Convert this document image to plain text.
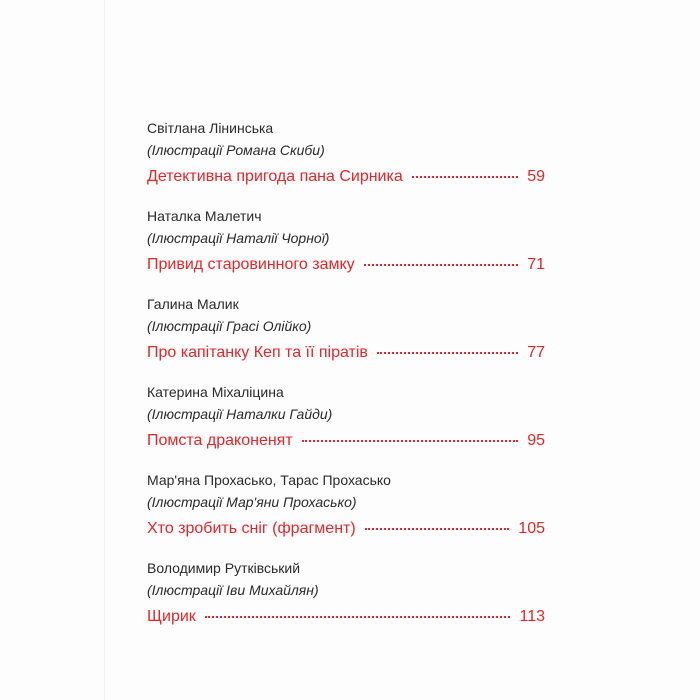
Світлана Лінинська
(Ілюстрації Романа Скиби)
Детективна пригода пана Сирника	59
Наталка Малетич
(Ілюстрації Наталії Чорної)
Привид старовинного замку	71
Галина Малик
(Ілюстрації Грасі Олійко)
Про капітанку Кеп та її піратів	77
Катерина Міхаліцина
(Ілюстрації Наталки Гайди)
Помста драконенят	95
Мар'яна Прохасько, Тарас Прохасько
(Ілюстрації Мар'яни Прохасько)
Хто зробить сніг (фрагмент)	105
Володимир Рутківський
(Ілюстрації Іви Михайлян)
Щирик	113
